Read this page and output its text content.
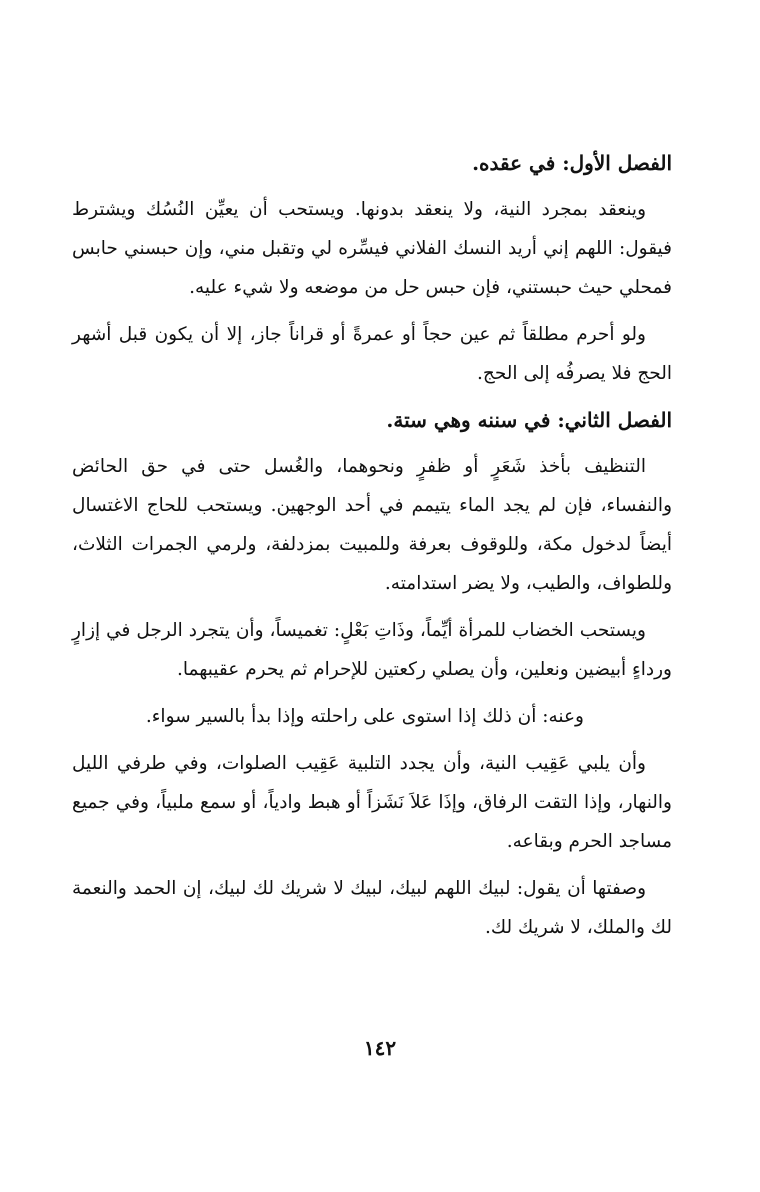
الفصل الأول: في عقده.

وينعقد بمجرد النية، ولا ينعقد بدونها. ويستحب أن يعيِّن النُسُك ويشترط فيقول: اللهم إني أريد النسك الفلاني فيسِّره لي وتقبل مني، وإن حبسني حابس فمحلي حيث حبستني، فإن حبس حل من موضعه ولا شيء عليه.

ولو أحرم مطلقاً ثم عين حجاً أو عمرةً أو قراناً جاز، إلا أن يكون قبل أشهر الحج فلا يصرفُه إلى الحج.

الفصل الثاني: في سننه وهي ستة.

التنظيف بأخذ شَعَرٍ أو ظفرٍ ونحوهما، والغُسل حتى في حق الحائض والنفساء، فإن لم يجد الماء يتيمم في أحد الوجهين. ويستحب للحاج الاغتسال أيضاً لدخول مكة، وللوقوف بعرفة وللمبيت بمزدلفة، ولرمي الجمرات الثلاث، وللطواف، والطيب، ولا يضر استدامته.

ويستحب الخضاب للمرأة أيِّماً، وذَاتِ بَعْلٍ: تغميساً، وأن يتجرد الرجل في إزارٍ ورداءٍ أبيضين ونعلين، وأن يصلي ركعتين للإحرام ثم يحرم عقيبهما.

وعنه: أن ذلك إذا استوى على راحلته وإذا بدأ بالسير سواء.

وأن يلبي عَقِيب النية، وأن يجدد التلبية عَقِيب الصلوات، وفي طرفي الليل والنهار، وإذا التقت الرفاق، وإذَا عَلاَ نَشَزاً أو هبط وادياً، أو سمع ملبياً، وفي جميع مساجد الحرم وبقاعه.

وصفتها أن يقول: لبيك اللهم لبيك، لبيك لا شريك لك لبيك، إن الحمد والنعمة لك والملك، لا شريك لك.

١٤٢
